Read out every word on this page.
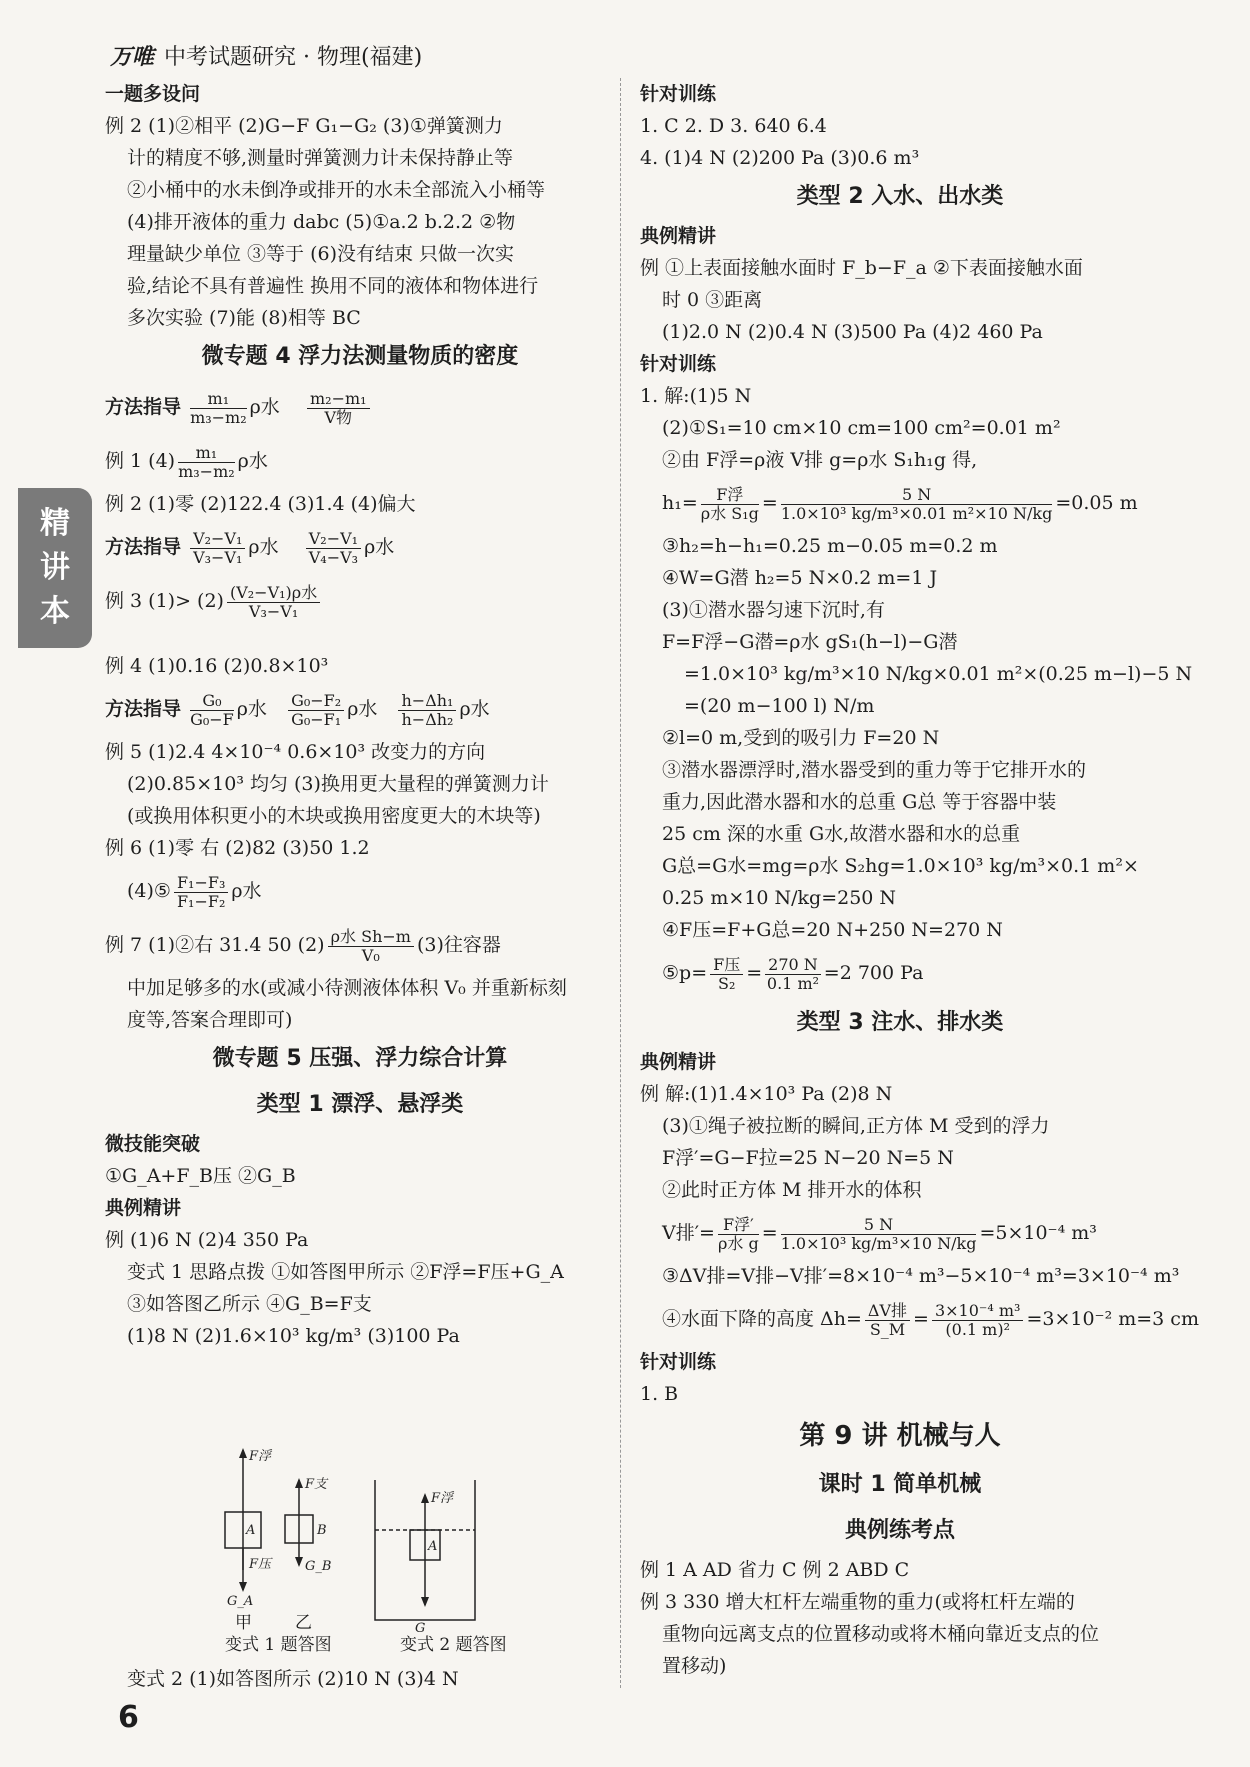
万唯 中考试题研究 · 物理(福建)
精
讲
本
一题多设问
例 2 (1)②相平 (2)G−F G₁−G₂ (3)①弹簧测力
计的精度不够,测量时弹簧测力计未保持静止等
②小桶中的水未倒净或排开的水未全部流入小桶等
(4)排开液体的重力 dabc (5)①a.2 b.2.2 ②物
理量缺少单位 ③等于 (6)没有结束 只做一次实
验,结论不具有普遍性 换用不同的液体和物体进行
多次实验 (7)能 (8)相等 BC
微专题 4 浮力法测量物质的密度
方法指导 $\frac{\text{m₁}}{\text{m₃−m₂}}$ ρ水 $\frac{\text{m₂−m₁}}{\text{V物}}$
例 1 $(4) \frac{\text{m₁}}{\text{m₃−m₂}}$ ρ水
例 2 (1)零 (2)122.4 (3)1.4 (4)偏大
方法指导 $\frac{\text{V₂−V₁}}{\text{V₃−V₁}}$ ρ水 $\frac{\text{V₂−V₁}}{\text{V₄−V₃}}$ ρ水
例 3 $(1)> (2) \frac{\text{(V₂−V₁)ρ水}}{\text{V₃−V₁}}$
例 4 (1)0.16 (2)0.8×10³
方法指导 $\frac{\text{G₀}}{\text{G₀−F}}$ ρ水 $\frac{\text{G₀−F₂}}{\text{G₀−F₁}}$ ρ水 $\frac{\text{h−Δh₁}}{\text{h−Δh₂}}$ ρ水
例 5 (1)2.4 4×10⁻⁴ 0.6×10³ 改变力的方向
(2)0.85×10³ 均匀 (3)换用更大量程的弹簧测力计
(或换用体积更小的木块或换用密度更大的木块等)
例 6 (1)零 右 (2)82 (3)50 1.2
(4)⑤ $\frac{\text{F₁−F₃}}{\text{F₁−F₂}}$ ρ水
例 7 (1)②右 31.4 50 $(2) \frac{\text{ρ水 Sh−m}}{\text{V₀}} (3)$往容器
中加足够多的水(或减小待测液体体积 V₀ 并重新标刻
度等,答案合理即可)
微专题 5 压强、浮力综合计算
类型 1 漂浮、悬浮类
微技能突破
①G_A+F_B压 ②G_B
典例精讲
例 (1)6 N (2)4 350 Pa
变式 1 思路点拨 ①如答图甲所示 ②F浮=F压+G_A
③如答图乙所示 ④G_B=F支
(1)8 N (2)1.6×10³ kg/m³ (3)100 Pa
F浮
A
F压
G_A
F支
B
G_B
F浮
A
G
甲	乙
变式 1 题答图	变式 2 题答图
变式 2 (1)如答图所示 (2)10 N (3)4 N
针对训练
1. C 2. D 3. 640 6.4
4. (1)4 N (2)200 Pa (3)0.6 m³
类型 2 入水、出水类
典例精讲
例 ①上表面接触水面时 F_b−F_a ②下表面接触水面
时 0 ③距离
(1)2.0 N (2)0.4 N (3)500 Pa (4)2 460 Pa
针对训练
1. 解:(1)5 N
(2)①S₁=10 cm×10 cm=100 cm²=0.01 m²
②由 F浮=ρ液 V排 g=ρ水 S₁h₁g 得,
$h_1= \frac{\text{F浮}}{\text{ρ水 S₁g}} = \frac{5 N}{\text{1.0×10³ kg/m³×0.01 m²×10 N/kg}} =0.05$ m
③h₂=h−h₁=0.25 m−0.05 m=0.2 m
④W=G潜 h₂=5 N×0.2 m=1 J
(3)①潜水器匀速下沉时,有
F=F浮−G潜=ρ水 gS₁(h−l)−G潜
=1.0×10³ kg/m³×10 N/kg×0.01 m²×(0.25 m−l)−5 N
=(20 m−100 l) N/m
②l=0 m,受到的吸引力 F=20 N
③潜水器漂浮时,潜水器受到的重力等于它排开水的
重力,因此潜水器和水的总重 G总 等于容器中装
25 cm 深的水重 G水,故潜水器和水的总重
G总=G水=mg=ρ水 S₂hg=1.0×10³ kg/m³×0.1 m²×
0.25 m×10 N/kg=250 N
④F压=F+G总=20 N+250 N=270 N
⑤p= $\frac{\text{F压}}{\text{S₂}} = \frac{270 N}{\text{0.1 m²}} =2$ 700 Pa
类型 3 注水、排水类
典例精讲
例 解:(1)1.4×10³ Pa (2)8 N
(3)①绳子被拉断的瞬间,正方体 M 受到的浮力
F浮′=G−F拉=25 N−20 N=5 N
②此时正方体 M 排开水的体积
V排′= $\frac{\text{F浮′}}{\text{ρ水 g}} = \frac{5 N}{\text{1.0×10³ kg/m³×10 N/kg}} =5\times 10^{-4}$ m³
③ΔV排=V排−V排′=8×10⁻⁴ m³−5×10⁻⁴ m³=3×10⁻⁴ m³
④水面下降的高度 $\Delta h= \frac{\text{ΔV排}}{S\_M} = \frac{\text{3×10⁻⁴ m³}}{\text{(0.1 m)²}} =3\times 10^{-2}$ m=3 cm
针对训练
1. B
第 9 讲 机械与人
课时 1 简单机械
典例练考点
例 1 A AD 省力 C 例 2 ABD C
例 3 330 增大杠杆左端重物的重力(或将杠杆左端的
重物向远离支点的位置移动或将木桶向靠近支点的位
置移动)
6
